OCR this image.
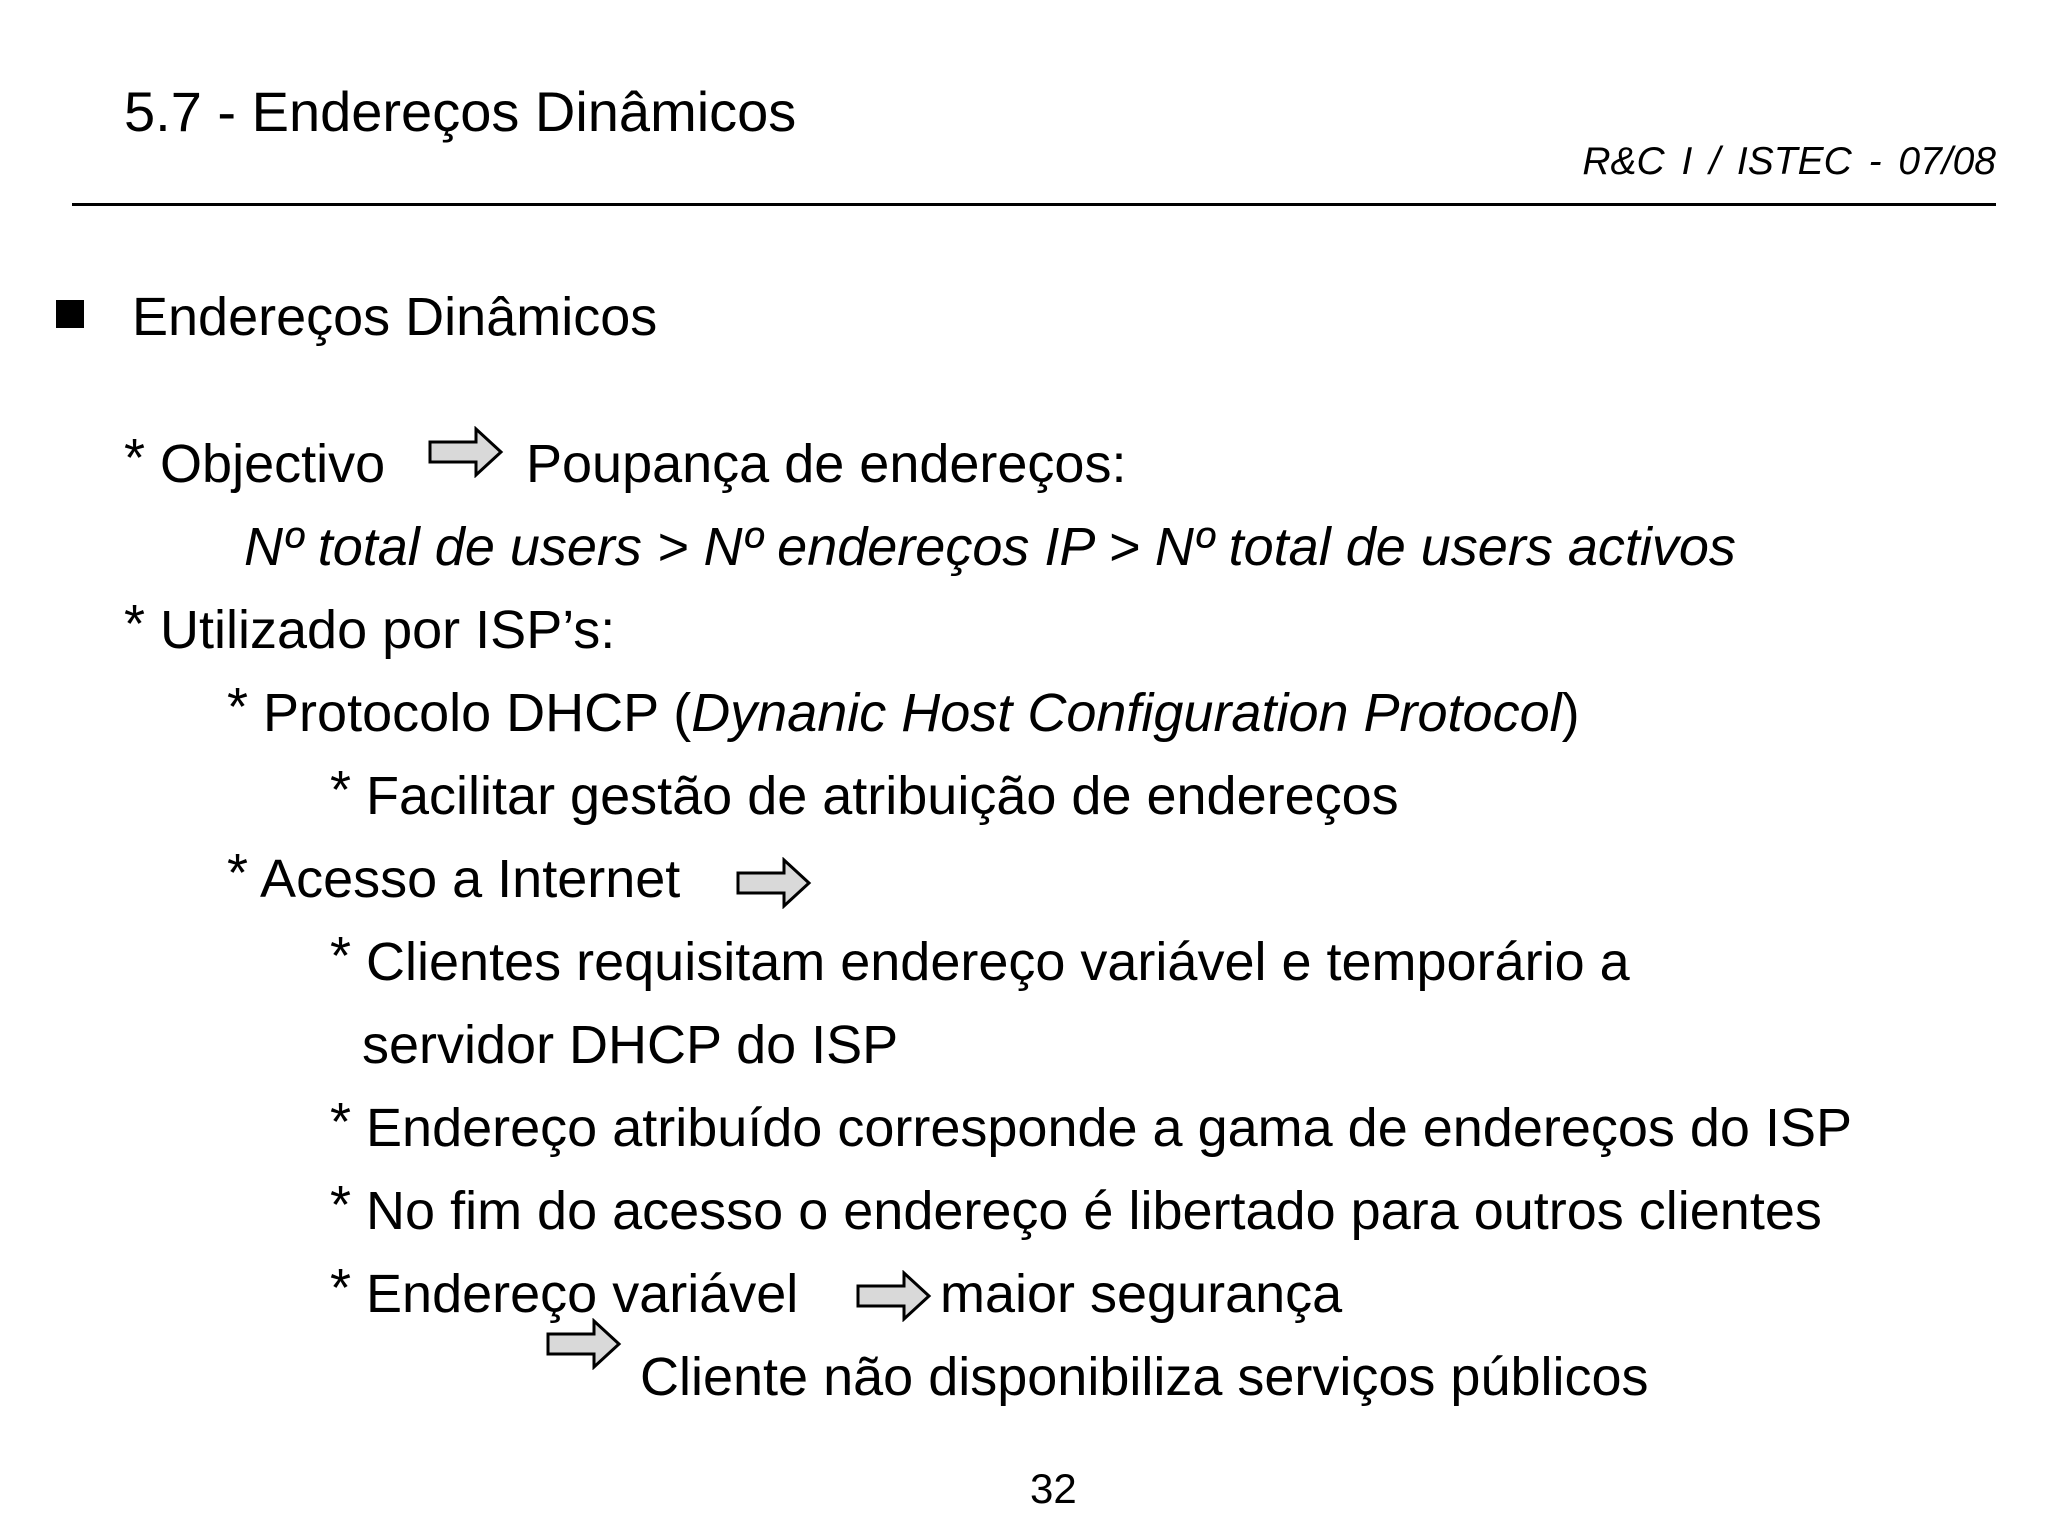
5.7 - Endereços Dinâmicos
R&C I / ISTEC - 07/08
Endereços Dinâmicos
* Objectivo	Poupança de endereços:
Nº total de users > Nº endereços IP > Nº total de users activos
* Utilizado por ISP’s:
* Protocolo DHCP (Dynanic Host Configuration Protocol)
* Facilitar gestão de atribuição de endereços
* Acesso a Internet
* Clientes requisitam endereço variável e temporário a
servidor DHCP do ISP
* Endereço atribuído corresponde a gama de endereços do ISP
* No fim do acesso o endereço é libertado para outros clientes
* Endereço variável	maior segurança
Cliente não disponibiliza serviços públicos
32
